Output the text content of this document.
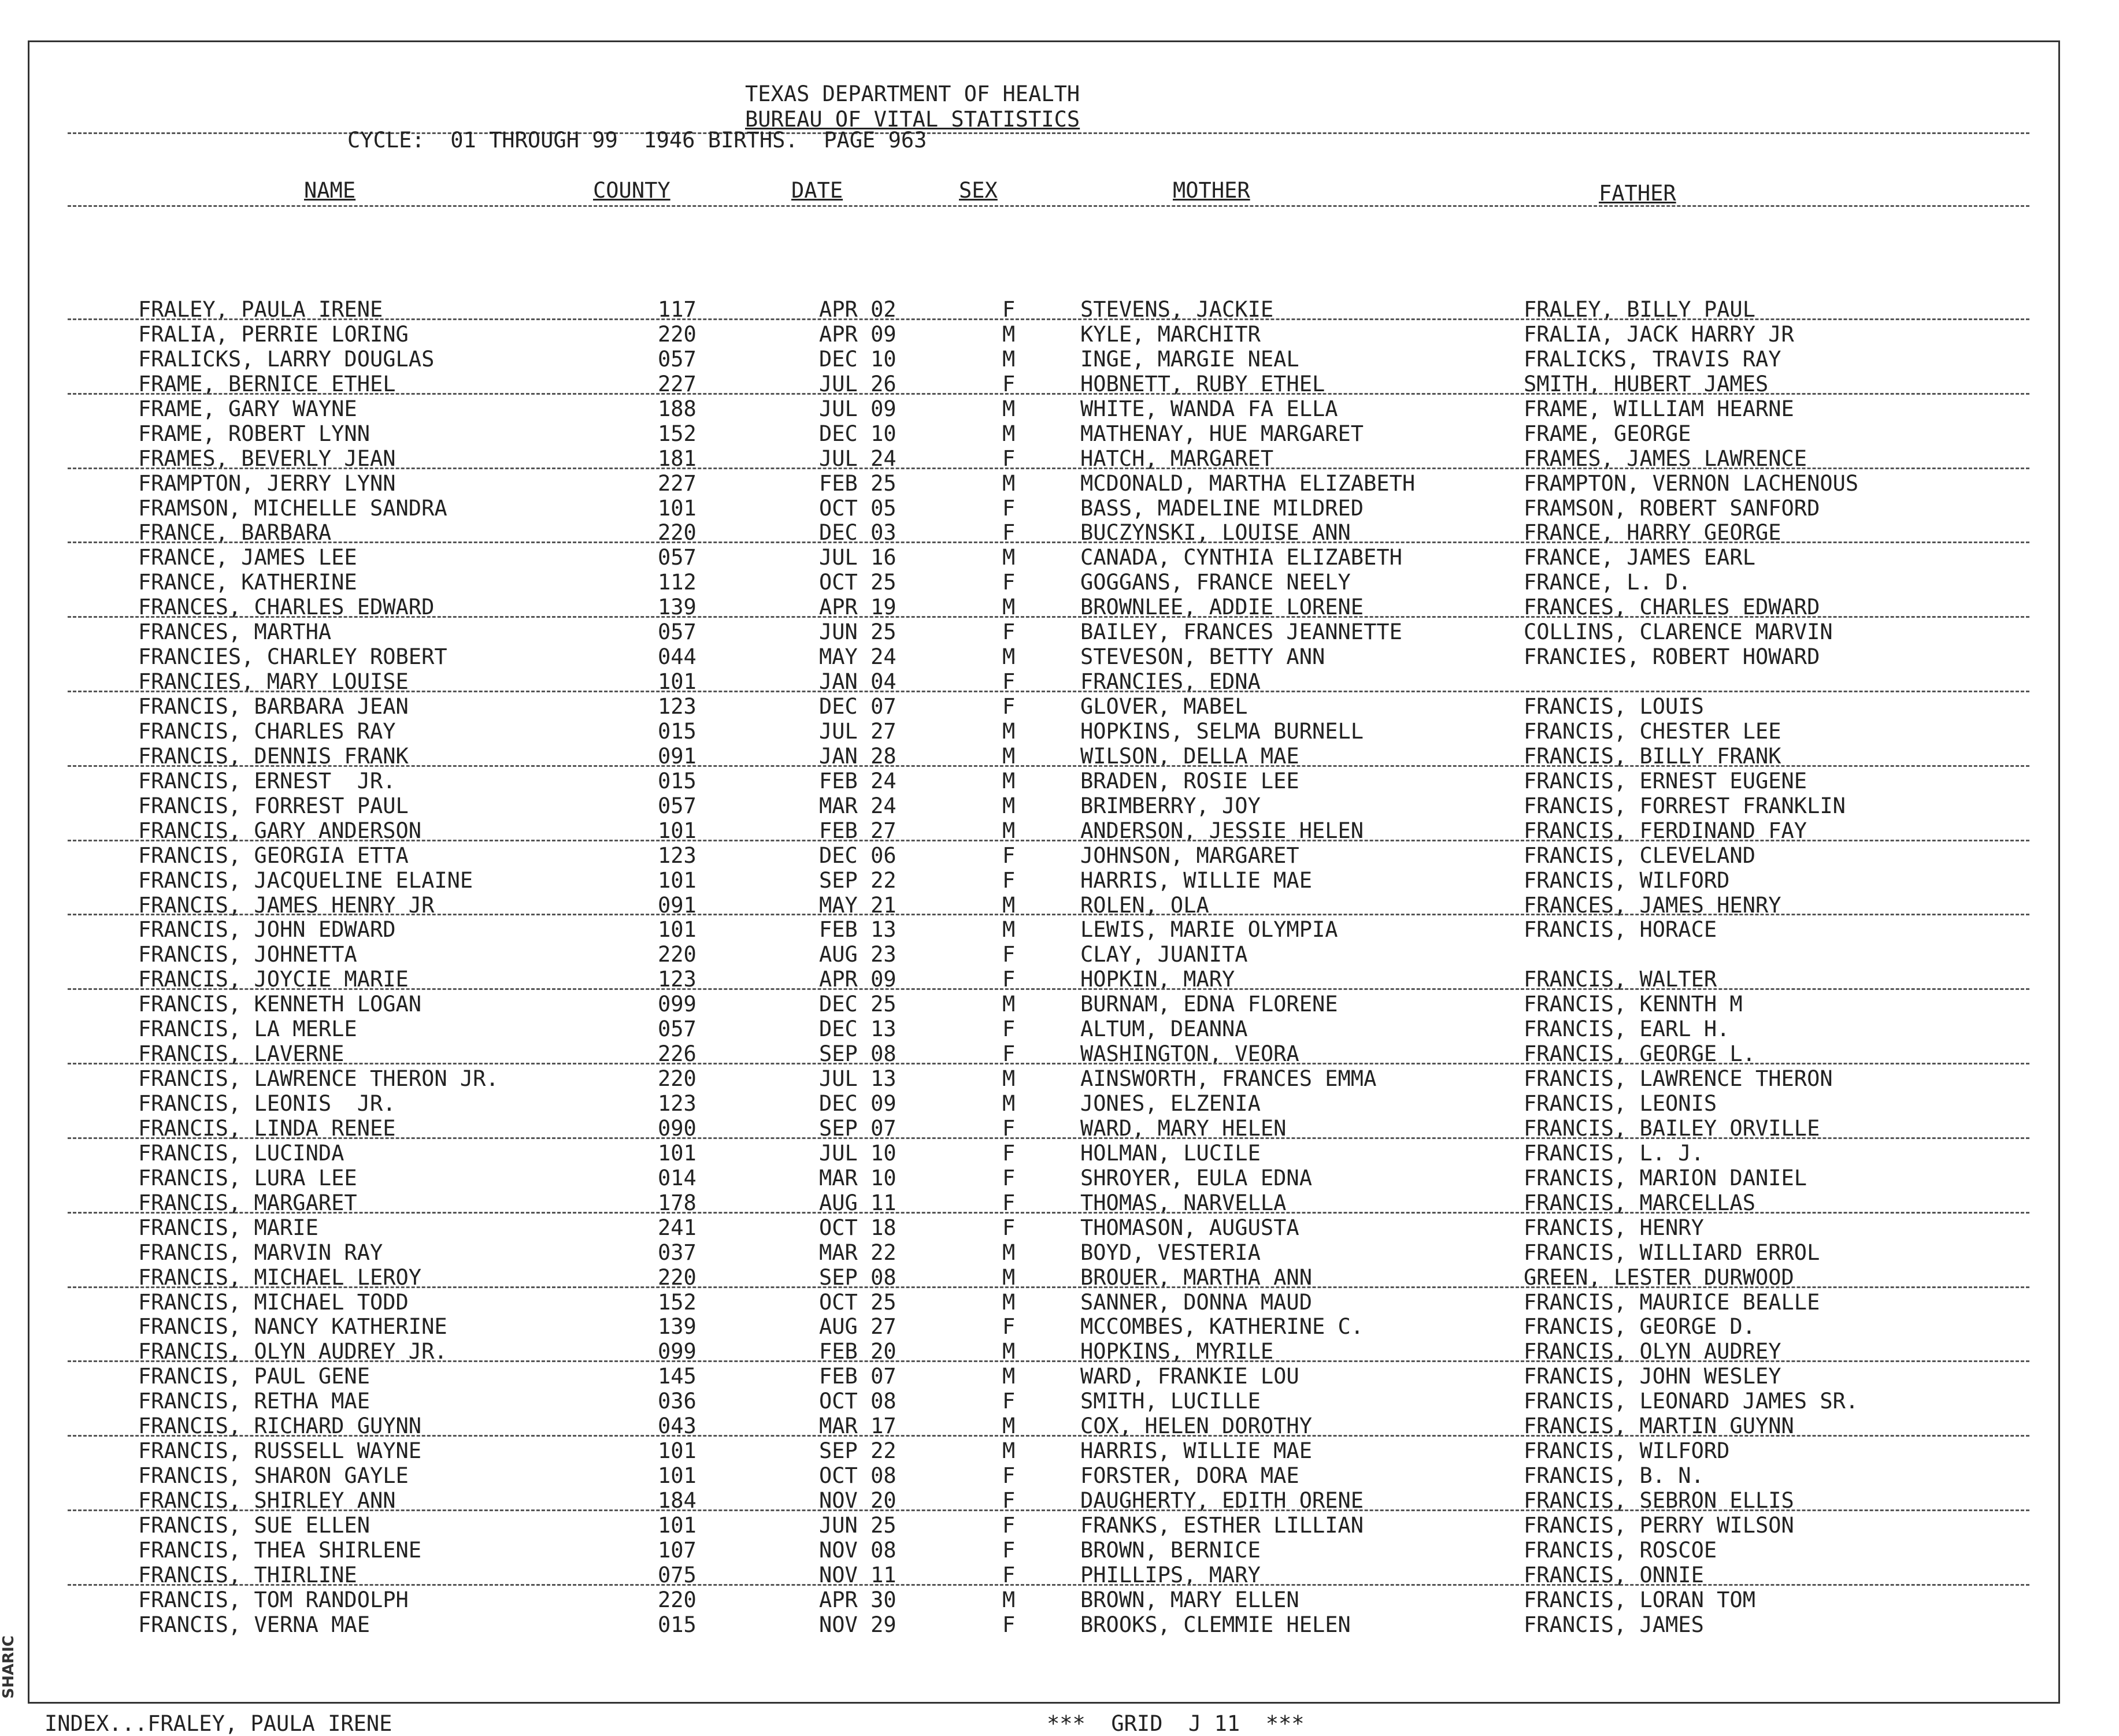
SHARIC
TEXAS DEPARTMENT OF HEALTH
BUREAU OF VITAL STATISTICS
CYCLE:  01 THROUGH 99  1946 BIRTHS.  PAGE 963
NAME	COUNTY	DATE	SEX	MOTHER	FATHER
FRALEY, PAULA IRENE	117	APR 02	F	STEVENS, JACKIE	FRALEY, BILLY PAUL
FRALIA, PERRIE LORING	220	APR 09	M	KYLE, MARCHITR	FRALIA, JACK HARRY JR
FRALICKS, LARRY DOUGLAS	057	DEC 10	M	INGE, MARGIE NEAL	FRALICKS, TRAVIS RAY
FRAME, BERNICE ETHEL	227	JUL 26	F	HOBNETT, RUBY ETHEL	SMITH, HUBERT JAMES
FRAME, GARY WAYNE	188	JUL 09	M	WHITE, WANDA FA ELLA	FRAME, WILLIAM HEARNE
FRAME, ROBERT LYNN	152	DEC 10	M	MATHENAY, HUE MARGARET	FRAME, GEORGE
FRAMES, BEVERLY JEAN	181	JUL 24	F	HATCH, MARGARET	FRAMES, JAMES LAWRENCE
FRAMPTON, JERRY LYNN	227	FEB 25	M	MCDONALD, MARTHA ELIZABETH	FRAMPTON, VERNON LACHENOUS
FRAMSON, MICHELLE SANDRA	101	OCT 05	F	BASS, MADELINE MILDRED	FRAMSON, ROBERT SANFORD
FRANCE, BARBARA	220	DEC 03	F	BUCZYNSKI, LOUISE ANN	FRANCE, HARRY GEORGE
FRANCE, JAMES LEE	057	JUL 16	M	CANADA, CYNTHIA ELIZABETH	FRANCE, JAMES EARL
FRANCE, KATHERINE	112	OCT 25	F	GOGGANS, FRANCE NEELY	FRANCE, L. D.
FRANCES, CHARLES EDWARD	139	APR 19	M	BROWNLEE, ADDIE LORENE	FRANCES, CHARLES EDWARD
FRANCES, MARTHA	057	JUN 25	F	BAILEY, FRANCES JEANNETTE	COLLINS, CLARENCE MARVIN
FRANCIES, CHARLEY ROBERT	044	MAY 24	M	STEVESON, BETTY ANN	FRANCIES, ROBERT HOWARD
FRANCIES, MARY LOUISE	101	JAN 04	F	FRANCIES, EDNA
FRANCIS, BARBARA JEAN	123	DEC 07	F	GLOVER, MABEL	FRANCIS, LOUIS
FRANCIS, CHARLES RAY	015	JUL 27	M	HOPKINS, SELMA BURNELL	FRANCIS, CHESTER LEE
FRANCIS, DENNIS FRANK	091	JAN 28	M	WILSON, DELLA MAE	FRANCIS, BILLY FRANK
FRANCIS, ERNEST  JR.	015	FEB 24	M	BRADEN, ROSIE LEE	FRANCIS, ERNEST EUGENE
FRANCIS, FORREST PAUL	057	MAR 24	M	BRIMBERRY, JOY	FRANCIS, FORREST FRANKLIN
FRANCIS, GARY ANDERSON	101	FEB 27	M	ANDERSON, JESSIE HELEN	FRANCIS, FERDINAND FAY
FRANCIS, GEORGIA ETTA	123	DEC 06	F	JOHNSON, MARGARET	FRANCIS, CLEVELAND
FRANCIS, JACQUELINE ELAINE	101	SEP 22	F	HARRIS, WILLIE MAE	FRANCIS, WILFORD
FRANCIS, JAMES HENRY JR	091	MAY 21	M	ROLEN, OLA	FRANCES, JAMES HENRY
FRANCIS, JOHN EDWARD	101	FEB 13	M	LEWIS, MARIE OLYMPIA	FRANCIS, HORACE
FRANCIS, JOHNETTA	220	AUG 23	F	CLAY, JUANITA
FRANCIS, JOYCIE MARIE	123	APR 09	F	HOPKIN, MARY	FRANCIS, WALTER
FRANCIS, KENNETH LOGAN	099	DEC 25	M	BURNAM, EDNA FLORENE	FRANCIS, KENNTH M
FRANCIS, LA MERLE	057	DEC 13	F	ALTUM, DEANNA	FRANCIS, EARL H.
FRANCIS, LAVERNE	226	SEP 08	F	WASHINGTON, VEORA	FRANCIS, GEORGE L.
FRANCIS, LAWRENCE THERON JR.	220	JUL 13	M	AINSWORTH, FRANCES EMMA	FRANCIS, LAWRENCE THERON
FRANCIS, LEONIS  JR.	123	DEC 09	M	JONES, ELZENIA	FRANCIS, LEONIS
FRANCIS, LINDA RENEE	090	SEP 07	F	WARD, MARY HELEN	FRANCIS, BAILEY ORVILLE
FRANCIS, LUCINDA	101	JUL 10	F	HOLMAN, LUCILE	FRANCIS, L. J.
FRANCIS, LURA LEE	014	MAR 10	F	SHROYER, EULA EDNA	FRANCIS, MARION DANIEL
FRANCIS, MARGARET	178	AUG 11	F	THOMAS, NARVELLA	FRANCIS, MARCELLAS
FRANCIS, MARIE	241	OCT 18	F	THOMASON, AUGUSTA	FRANCIS, HENRY
FRANCIS, MARVIN RAY	037	MAR 22	M	BOYD, VESTERIA	FRANCIS, WILLIARD ERROL
FRANCIS, MICHAEL LEROY	220	SEP 08	M	BROUER, MARTHA ANN	GREEN, LESTER DURWOOD
FRANCIS, MICHAEL TODD	152	OCT 25	M	SANNER, DONNA MAUD	FRANCIS, MAURICE BEALLE
FRANCIS, NANCY KATHERINE	139	AUG 27	F	MCCOMBES, KATHERINE C.	FRANCIS, GEORGE D.
FRANCIS, OLYN AUDREY JR.	099	FEB 20	M	HOPKINS, MYRILE	FRANCIS, OLYN AUDREY
FRANCIS, PAUL GENE	145	FEB 07	M	WARD, FRANKIE LOU	FRANCIS, JOHN WESLEY
FRANCIS, RETHA MAE	036	OCT 08	F	SMITH, LUCILLE	FRANCIS, LEONARD JAMES SR.
FRANCIS, RICHARD GUYNN	043	MAR 17	M	COX, HELEN DOROTHY	FRANCIS, MARTIN GUYNN
FRANCIS, RUSSELL WAYNE	101	SEP 22	M	HARRIS, WILLIE MAE	FRANCIS, WILFORD
FRANCIS, SHARON GAYLE	101	OCT 08	F	FORSTER, DORA MAE	FRANCIS, B. N.
FRANCIS, SHIRLEY ANN	184	NOV 20	F	DAUGHERTY, EDITH ORENE	FRANCIS, SEBRON ELLIS
FRANCIS, SUE ELLEN	101	JUN 25	F	FRANKS, ESTHER LILLIAN	FRANCIS, PERRY WILSON
FRANCIS, THEA SHIRLENE	107	NOV 08	F	BROWN, BERNICE	FRANCIS, ROSCOE
FRANCIS, THIRLINE	075	NOV 11	F	PHILLIPS, MARY	FRANCIS, ONNIE
FRANCIS, TOM RANDOLPH	220	APR 30	M	BROWN, MARY ELLEN	FRANCIS, LORAN TOM
FRANCIS, VERNA MAE	015	NOV 29	F	BROOKS, CLEMMIE HELEN	FRANCIS, JAMES
INDEX...FRALEY, PAULA IRENE	***  GRID  J 11  ***
